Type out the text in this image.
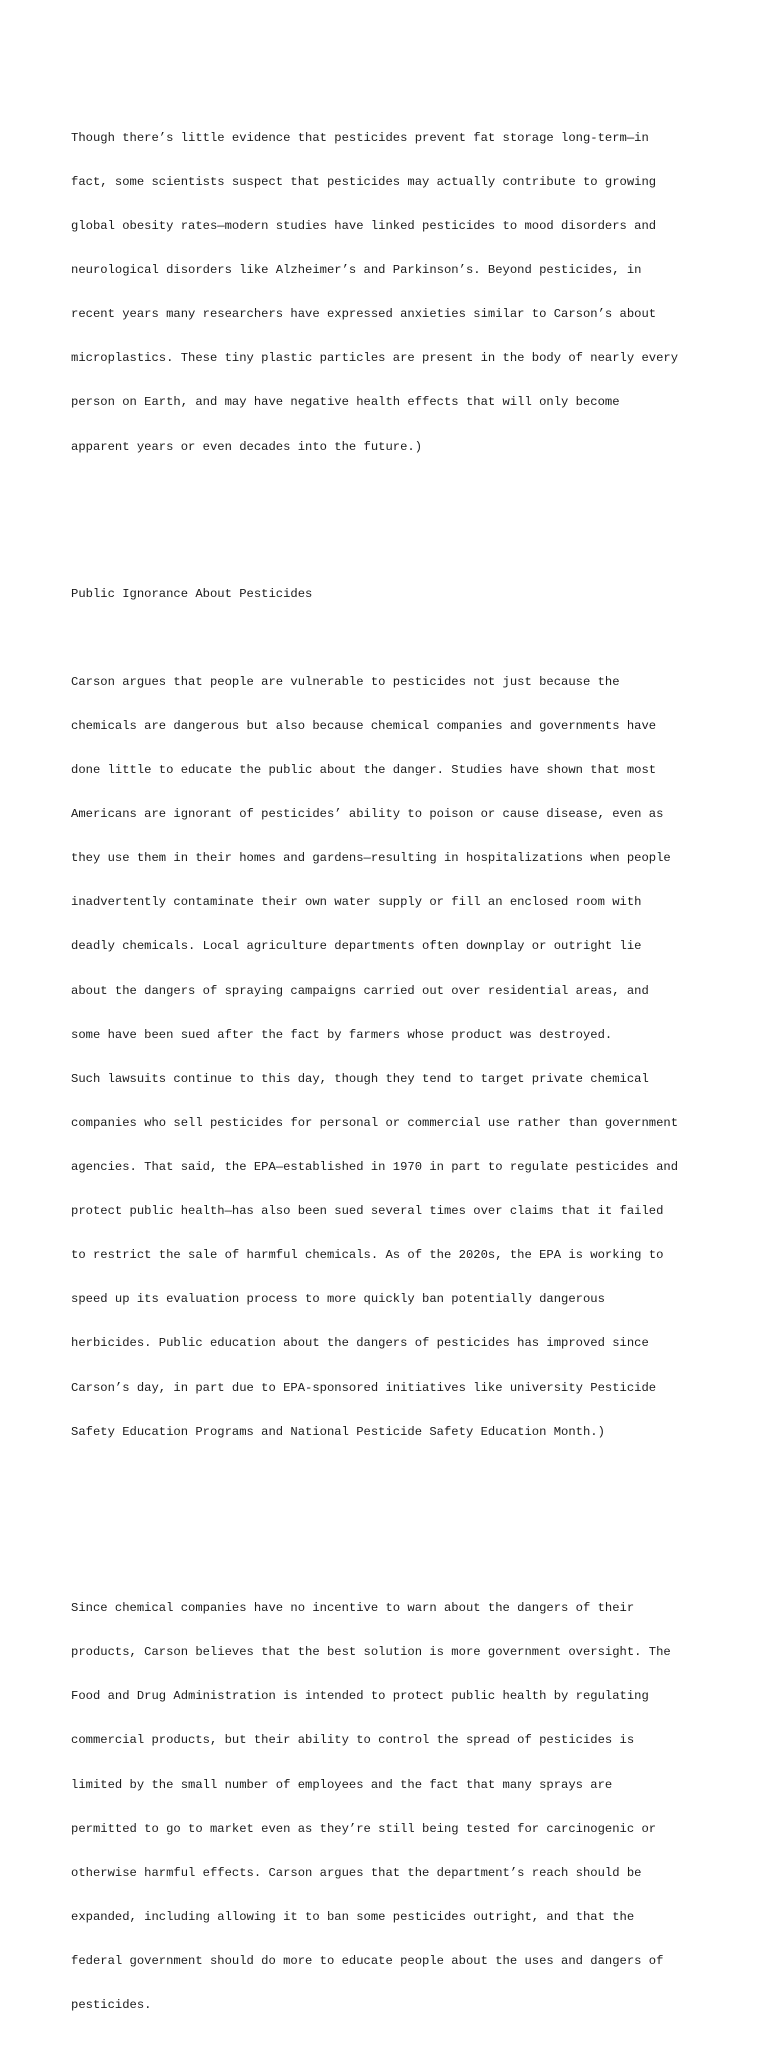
Though there’s little evidence that pesticides prevent fat storage long-term—in

fact, some scientists suspect that pesticides may actually contribute to growing

global obesity rates—modern studies have linked pesticides to mood disorders and

neurological disorders like Alzheimer’s and Parkinson’s. Beyond pesticides, in

recent years many researchers have expressed anxieties similar to Carson’s about

microplastics. These tiny plastic particles are present in the body of nearly every

person on Earth, and may have negative health effects that will only become

apparent years or even decades into the future.)

Public Ignorance About Pesticides

Carson argues that people are vulnerable to pesticides not just because the

chemicals are dangerous but also because chemical companies and governments have

done little to educate the public about the danger. Studies have shown that most

Americans are ignorant of pesticides’ ability to poison or cause disease, even as

they use them in their homes and gardens—resulting in hospitalizations when people

inadvertently contaminate their own water supply or fill an enclosed room with

deadly chemicals. Local agriculture departments often downplay or outright lie

about the dangers of spraying campaigns carried out over residential areas, and

some have been sued after the fact by farmers whose product was destroyed.

Such lawsuits continue to this day, though they tend to target private chemical

companies who sell pesticides for personal or commercial use rather than government

agencies. That said, the EPA—established in 1970 in part to regulate pesticides and

protect public health—has also been sued several times over claims that it failed

to restrict the sale of harmful chemicals. As of the 2020s, the EPA is working to

speed up its evaluation process to more quickly ban potentially dangerous

herbicides. Public education about the dangers of pesticides has improved since

Carson’s day, in part due to EPA-sponsored initiatives like university Pesticide

Safety Education Programs and National Pesticide Safety Education Month.)

Since chemical companies have no incentive to warn about the dangers of their

products, Carson believes that the best solution is more government oversight. The

Food and Drug Administration is intended to protect public health by regulating

commercial products, but their ability to control the spread of pesticides is

limited by the small number of employees and the fact that many sprays are

permitted to go to market even as they’re still being tested for carcinogenic or

otherwise harmful effects. Carson argues that the department’s reach should be

expanded, including allowing it to ban some pesticides outright, and that the

federal government should do more to educate people about the uses and dangers of

pesticides.
